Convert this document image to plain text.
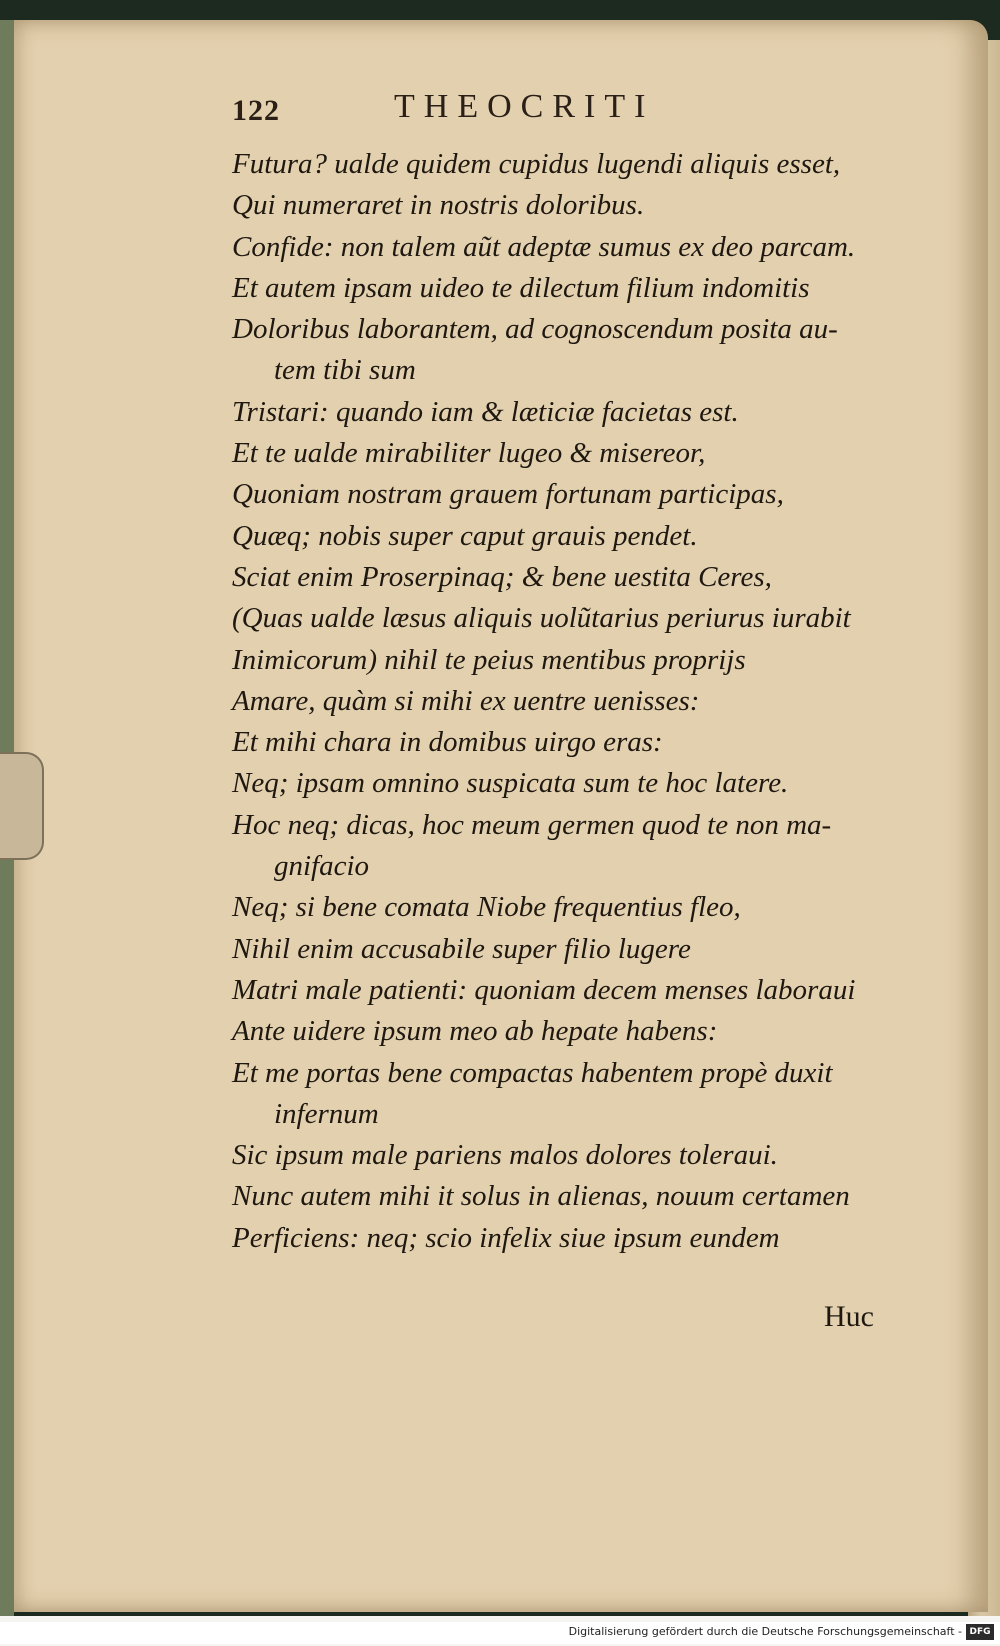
122	THEOCRITI
Futura? ualde quidem cupidus lugendi aliquis esset,
Qui numeraret in nostris doloribus.
Confide: non talem aũt adeptæ sumus ex deo parcam.
Et autem ipsam uideo te dilectum filium indomitis
Doloribus laborantem, ad cognoscendum posita au-
tem tibi sum
Tristari: quando iam & læticiæ facietas est.
Et te ualde mirabiliter lugeo & misereor,
Quoniam nostram grauem fortunam participas,
Quæq; nobis super caput grauis pendet.
Sciat enim Proserpinaq; & bene uestita Ceres,
(Quas ualde læsus aliquis uolũtarius periurus iurabit
Inimicorum) nihil te peius mentibus proprijs
Amare, quàm si mihi ex uentre uenisses:
Et mihi chara in domibus uirgo eras:
Neq; ipsam omnino suspicata sum te hoc latere.
Hoc neq; dicas, hoc meum germen quod te non ma-
gnifacio
Neq; si bene comata Niobe frequentius fleo,
Nihil enim accusabile super filio lugere
Matri male patienti: quoniam decem menses laboraui
Ante uidere ipsum meo ab hepate habens:
Et me portas bene compactas habentem propè duxit
infernum
Sic ipsum male pariens malos dolores toleraui.
Nunc autem mihi it solus in alienas, nouum certamen
Perficiens: neq; scio infelix siue ipsum eundem
Huc
Digitalisierung gefördert durch die Deutsche Forschungsgemeinschaft - DFG
